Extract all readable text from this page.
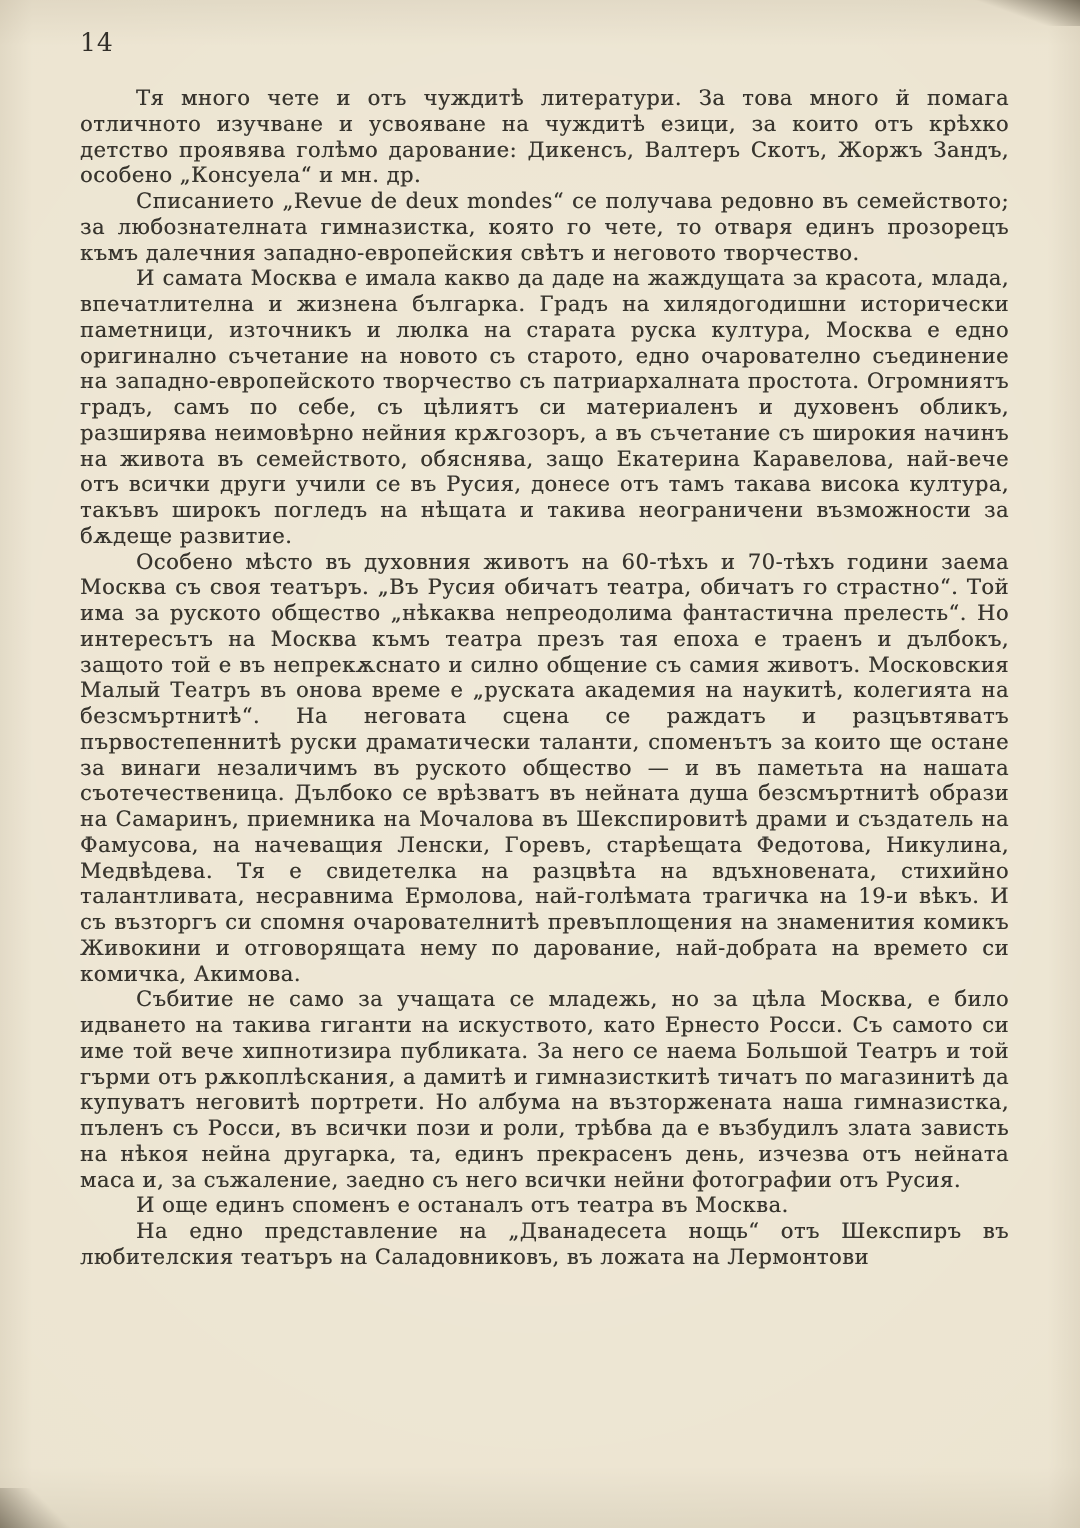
14

Тя много чете и отъ чуждитѣ литератури. За това много й помага отличното изучване и усвояване на чуждитѣ езици, за които отъ крѣхко детство проявява голѣмо дарование: Дикенсъ, Валтеръ Скотъ, Жоржъ Зандъ, особено „Консуела“ и мн. др.

Списанието „Revue de deux mondes“ се получава редовно въ семейството; за любознателната гимназистка, която го чете, то отваря единъ прозорецъ къмъ далечния западно-европейския свѣтъ и неговото творчество.

И самата Москва е имала какво да даде на жаждущата за красота, млада, впечатлителна и жизнена българка. Градъ на хилядогодишни исторически паметници, източникъ и люлка на старата руска култура, Москва е едно оригинално съчетание на новото съ старото, едно очарователно съединение на западно-европейското творчество съ патриархалната простота. Огромниятъ градъ, самъ по себе, съ цѣлиятъ си материаленъ и духовенъ обликъ, разширява неимовѣрно нейния крѫгозоръ, а въ съчетание съ широкия начинъ на живота въ семейството, обяснява, защо Екатерина Каравелова, най-вече отъ всички други учили се въ Русия, донесе отъ тамъ такава висока култура, такъвъ широкъ погледъ на нѣщата и такива неограничени възможности за бѫдеще развитие.

Особено мѣсто въ духовния животъ на 60-тѣхъ и 70-тѣхъ години заема Москва съ своя театъръ. „Въ Русия обичатъ театра, обичатъ го страстно“. Той има за руското общество „нѣкаква непреодолима фантастична прелесть“. Но интересътъ на Москва къмъ театра презъ тая епоха е траенъ и дълбокъ, защото той е въ непрекѫснато и силно общение съ самия животъ. Московския Малый Театръ въ онова време е „руската академия на наукитѣ, колегията на безсмъртнитѣ“. На неговата сцена се раждатъ и разцъвтяватъ първостепеннитѣ руски драматически таланти, споменътъ за които ще остане за винаги незаличимъ въ руското общество — и въ паметьта на нашата съотечественица. Дълбоко се врѣзватъ въ нейната душа безсмъртнитѣ образи на Самаринъ, приемника на Мочалова въ Шекспировитѣ драми и създатель на Фамусова, на начеващия Ленски, Горевъ, старѣещата Федотова, Никулина, Медвѣдева. Тя е свидетелка на разцвѣта на вдъхновената, стихийно талантливата, несравнима Ермолова, най-голѣмата трагичка на 19-и вѣкъ. И съ възторгъ си спомня очарователнитѣ превъплощения на знаменития комикъ Живокини и отговорящата нему по дарование, най-добрата на времето си комичка, Акимова.

Събитие не само за учащата се младежь, но за цѣла Москва, е било идването на такива гиганти на искуството, като Ернесто Росси. Съ самото си име той вече хипнотизира публиката. За него се наема Большой Театръ и той гърми отъ рѫкоплѣскания, а дамитѣ и гимназисткитѣ тичатъ по магазинитѣ да купуватъ неговитѣ портрети. Но албума на възторжената наша гимназистка, пъленъ съ Росси, въ всички пози и роли, трѣбва да е възбудилъ злата зависть на нѣкоя нейна другарка, та, единъ прекрасенъ день, изчезва отъ нейната маса и, за съжаление, заедно съ него всички нейни фотографии отъ Русия.

И още единъ споменъ е останалъ отъ театра въ Москва.

На едно представление на „Дванадесета нощь“ отъ Шекспиръ въ любителския театъръ на Саладовниковъ, въ ложата на Лермонтови
